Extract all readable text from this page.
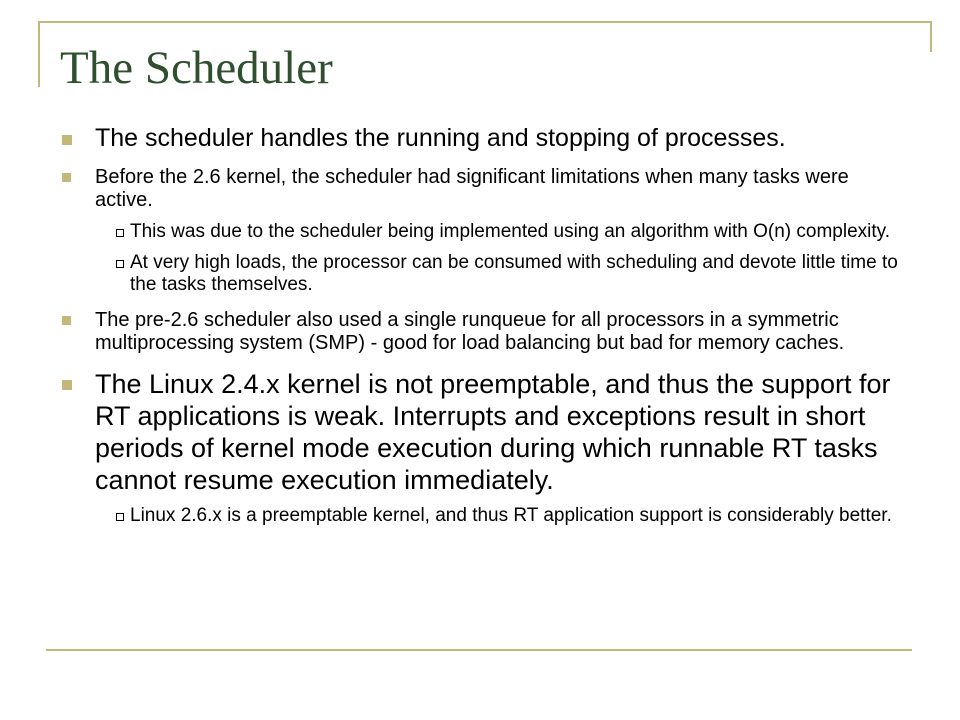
The Scheduler
The scheduler handles the running and stopping of processes.
Before the 2.6 kernel, the scheduler had significant limitations when many tasks were active.
This was due to the scheduler being implemented using an algorithm with O(n) complexity.
At very high loads, the processor can be consumed with scheduling and devote little time to the tasks themselves.
The pre-2.6 scheduler also used a single runqueue for all processors in a symmetric multiprocessing system (SMP) - good for load balancing but bad for memory caches.
The Linux 2.4.x kernel is not preemptable, and thus the support for RT applications is weak. Interrupts and exceptions result in short periods of kernel mode execution during which runnable RT tasks cannot resume execution immediately.
Linux 2.6.x is a preemptable kernel, and thus RT application support is considerably better.
